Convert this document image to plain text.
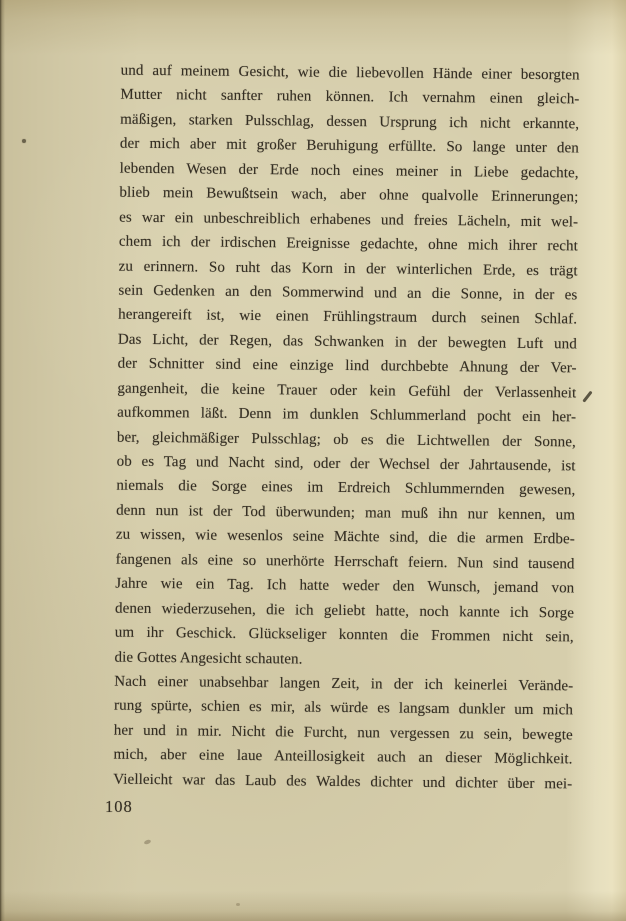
und auf meinem Gesicht, wie die liebevollen Hände einer besorgten
Mutter nicht sanfter ruhen können. Ich vernahm einen gleich-
mäßigen, starken Pulsschlag, dessen Ursprung ich nicht erkannte,
der mich aber mit großer Beruhigung erfüllte. So lange unter den
lebenden Wesen der Erde noch eines meiner in Liebe gedachte,
blieb mein Bewußtsein wach, aber ohne qualvolle Erinnerungen;
es war ein unbeschreiblich erhabenes und freies Lächeln, mit wel-
chem ich der irdischen Ereignisse gedachte, ohne mich ihrer recht
zu erinnern. So ruht das Korn in der winterlichen Erde, es trägt
sein Gedenken an den Sommerwind und an die Sonne, in der es
herangereift ist, wie einen Frühlingstraum durch seinen Schlaf.
Das Licht, der Regen, das Schwanken in der bewegten Luft und
der Schnitter sind eine einzige lind durchbebte Ahnung der Ver-
gangenheit, die keine Trauer oder kein Gefühl der Verlassenheit
aufkommen läßt. Denn im dunklen Schlummerland pocht ein her-
ber, gleichmäßiger Pulsschlag; ob es die Lichtwellen der Sonne,
ob es Tag und Nacht sind, oder der Wechsel der Jahrtausende, ist
niemals die Sorge eines im Erdreich Schlummernden gewesen,
denn nun ist der Tod überwunden; man muß ihn nur kennen, um
zu wissen, wie wesenlos seine Mächte sind, die die armen Erdbe-
fangenen als eine so unerhörte Herrschaft feiern. Nun sind tausend
Jahre wie ein Tag. Ich hatte weder den Wunsch, jemand von
denen wiederzusehen, die ich geliebt hatte, noch kannte ich Sorge
um ihr Geschick. Glückseliger konnten die Frommen nicht sein,
die Gottes Angesicht schauten.
Nach einer unabsehbar langen Zeit, in der ich keinerlei Verände-
rung spürte, schien es mir, als würde es langsam dunkler um mich
her und in mir. Nicht die Furcht, nun vergessen zu sein, bewegte
mich, aber eine laue Anteillosigkeit auch an dieser Möglichkeit.
Vielleicht war das Laub des Waldes dichter und dichter über mei-
108
